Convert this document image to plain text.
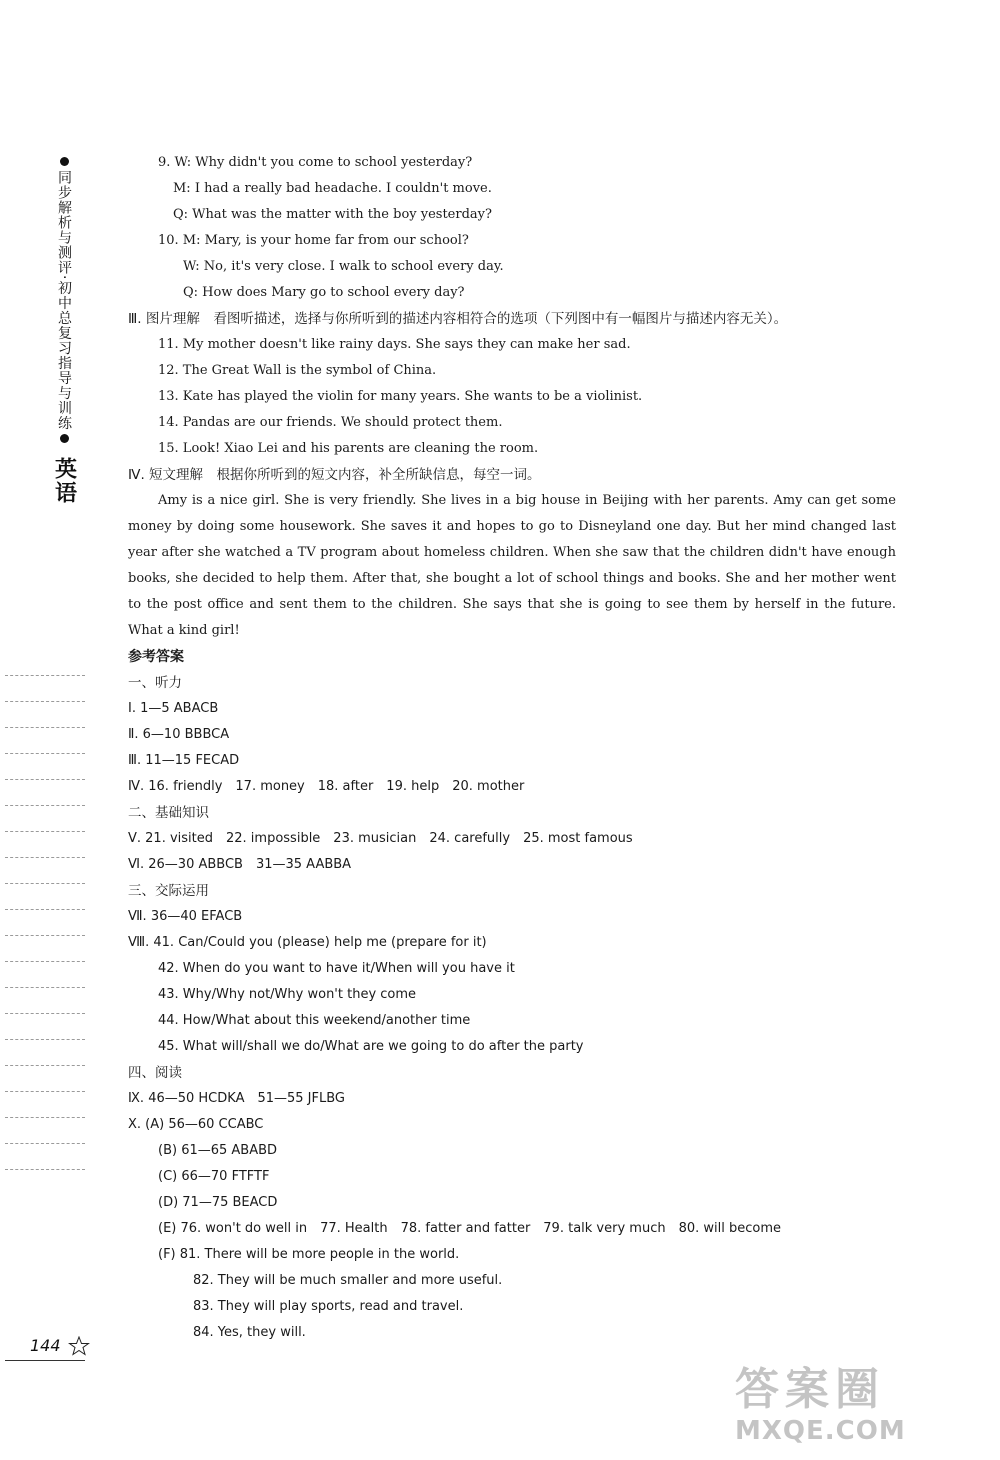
同步解析与测评·初中总复习指导与训练
英语
9. W: Why didn't you come to school yesterday?
M: I had a really bad headache. I couldn't move.
Q: What was the matter with the boy yesterday?
10. M: Mary, is your home far from our school?
W: No, it's very close. I walk to school every day.
Q: How does Mary go to school every day?
Ⅲ. 图片理解　看图听描述，选择与你所听到的描述内容相符合的选项（下列图中有一幅图片与描述内容无关）。
11. My mother doesn't like rainy days. She says they can make her sad.
12. The Great Wall is the symbol of China.
13. Kate has played the violin for many years. She wants to be a violinist.
14. Pandas are our friends. We should protect them.
15. Look! Xiao Lei and his parents are cleaning the room.
Ⅳ. 短文理解　根据你所听到的短文内容，补全所缺信息，每空一词。

Amy is a nice girl. She is very friendly. She lives in a big house in Beijing with her parents. Amy can get some money by doing some housework. She saves it and hopes to go to Disneyland one day. But her mind changed last year after she watched a TV program about homeless children. When she saw that the children didn't have enough books, she decided to help them. After that, she bought a lot of school things and books. She and her mother went to the post office and sent them to the children. She says that she is going to see them by herself in the future. What a kind girl!

参考答案
一、听力
Ⅰ. 1—5 ABACB
Ⅱ. 6—10 BBBCA
Ⅲ. 11—15 FECAD
Ⅳ. 16. friendly　17. money　18. after　19. help　20. mother
二、基础知识
Ⅴ. 21. visited　22. impossible　23. musician　24. carefully　25. most famous
Ⅵ. 26—30 ABBCB　31—35 AABBA
三、交际运用
Ⅶ. 36—40 EFACB
Ⅷ. 41. Can/Could you (please) help me (prepare for it)
42. When do you want to have it/When will you have it
43. Why/Why not/Why won't they come
44. How/What about this weekend/another time
45. What will/shall we do/What are we going to do after the party
四、阅读
Ⅸ. 46—50 HCDKA　51—55 JFLBG
Ⅹ. (A) 56—60 CCABC
(B) 61—65 ABABD
(C) 66—70 FTFTF
(D) 71—75 BEACD
(E) 76. won't do well in　77. Health　78. fatter and fatter　79. talk very much　80. will become
(F) 81. There will be more people in the world.
82. They will be much smaller and more useful.
83. They will play sports, read and travel.
84. Yes, they will.
144
答案圈
MXQE.COM
